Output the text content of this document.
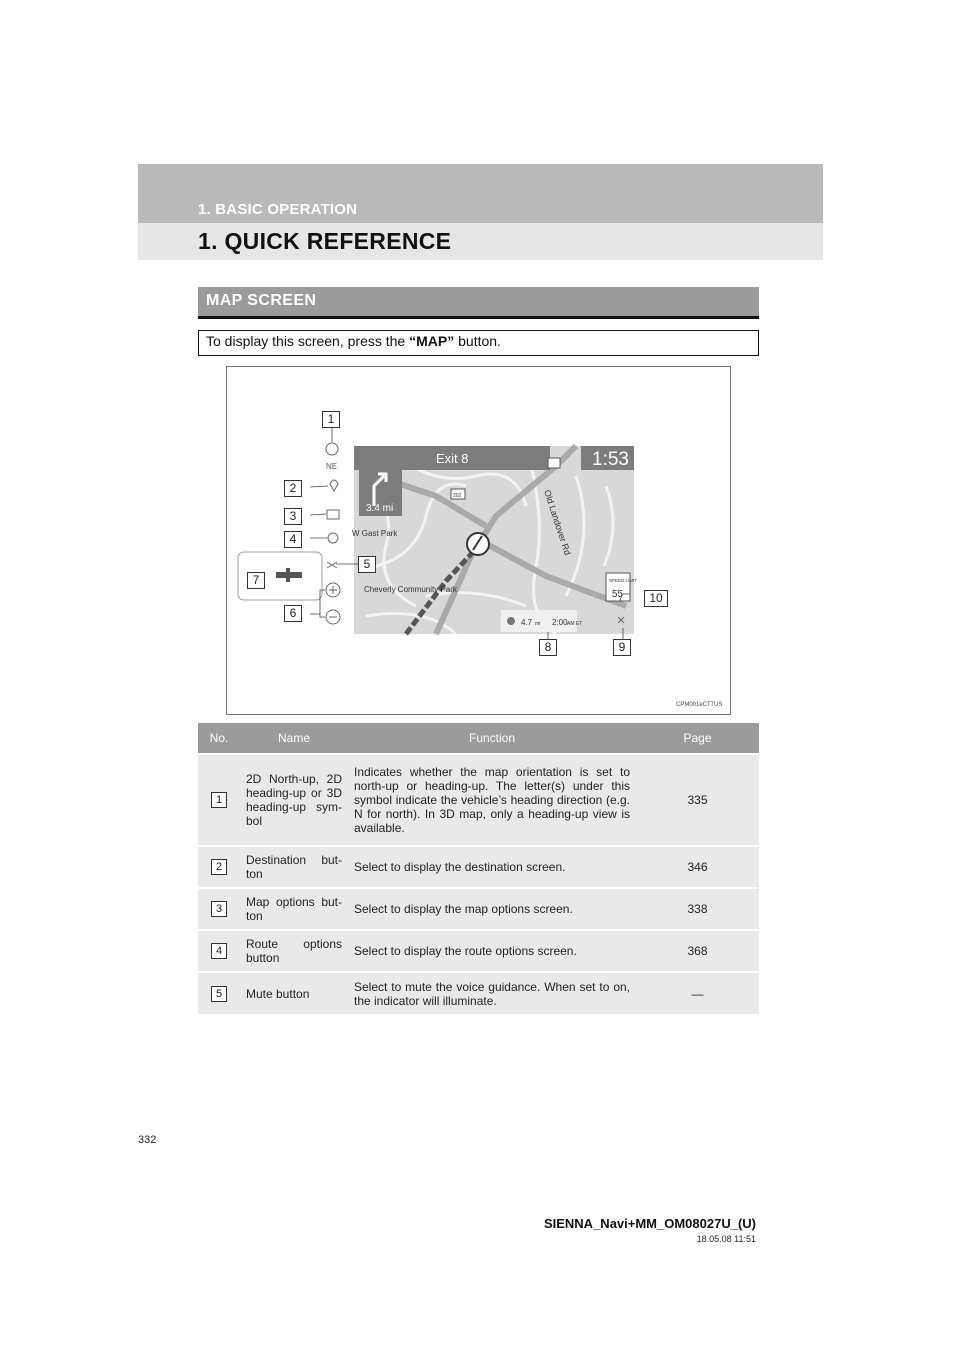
1. BASIC OPERATION
1. QUICK REFERENCE
MAP SCREEN
To display this screen, press the “MAP” button.
Exit 8	1:53
3.4 mi
202
W Gast Park
Cheverly Community Park
Old Landover Rd
NE
SPEED LIMIT
55
4.7 mi 2:00 AM ET
1
2
3
4
5
6
7
8	9
10
CPM001eCT7US
No.	Name	Function	Page
1	2D North-up, 2D heading-up or 3D heading-up sym-bol	Indicates whether the map orientation is set to north-up or heading-up. The letter(s) under this symbol indicate the vehicle’s heading direction (e.g. N for north). In 3D map, only a heading-up view is available.	335
2	Destination but-ton	Select to display the destination screen.	346
3	Map options but-ton	Select to display the map options screen.	338
4	Route options button	Select to display the route options screen.	368
5	Mute button	Select to mute the voice guidance. When set to on, the indicator will illuminate.	—
332
SIENNA_Navi+MM_OM08027U_(U)
18.05.08 11:51
